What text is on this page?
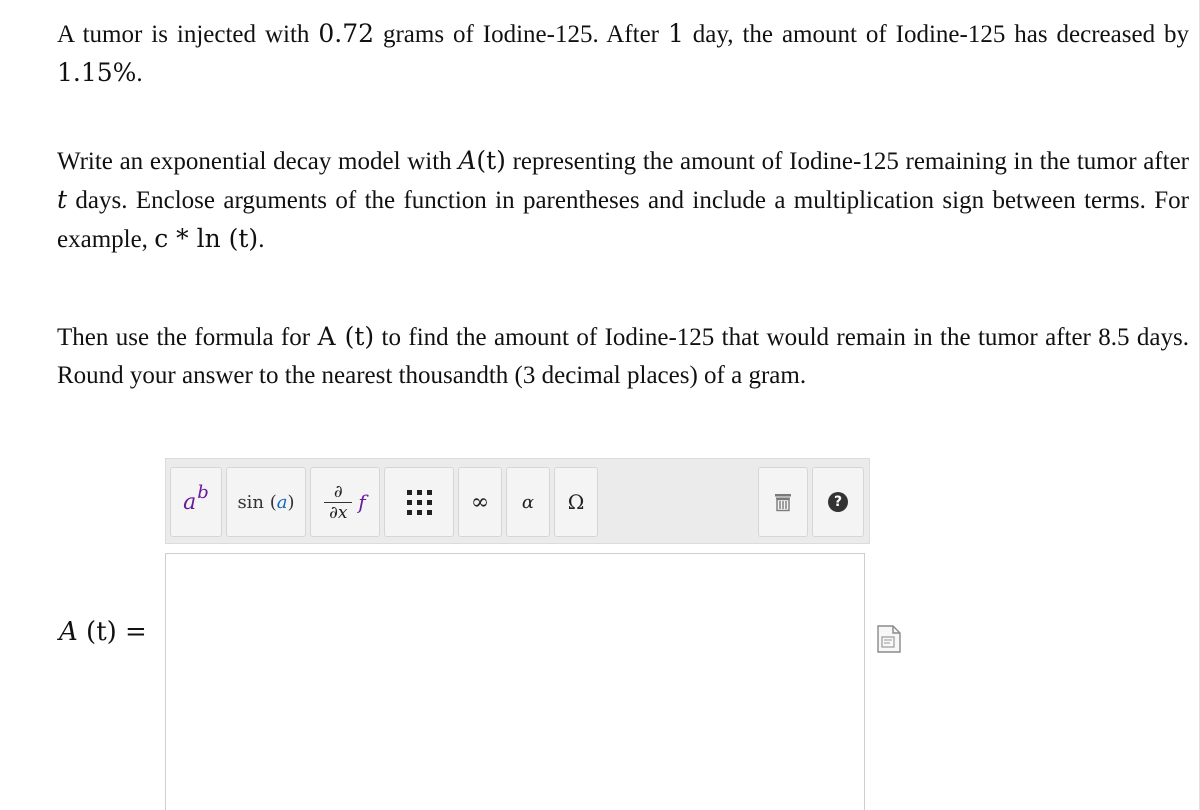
A tumor is injected with 0.72 grams of Iodine-125. After 1 day, the amount of Iodine-125 has decreased by 1.15%.
Write an exponential decay model with A(t) representing the amount of Iodine-125 remaining in the tumor after t days. Enclose arguments of the function in parentheses and include a multiplication sign between terms. For example, c * ln (t).
Then use the formula for A (t) to find the amount of Iodine-125 that would remain in the tumor after 8.5 days. Round your answer to the nearest thousandth (3 decimal places) of a gram.
a b sin ( a ) $\frac{\partial}{\partial x}$ f	∞ α Ω	?
A (t) =
